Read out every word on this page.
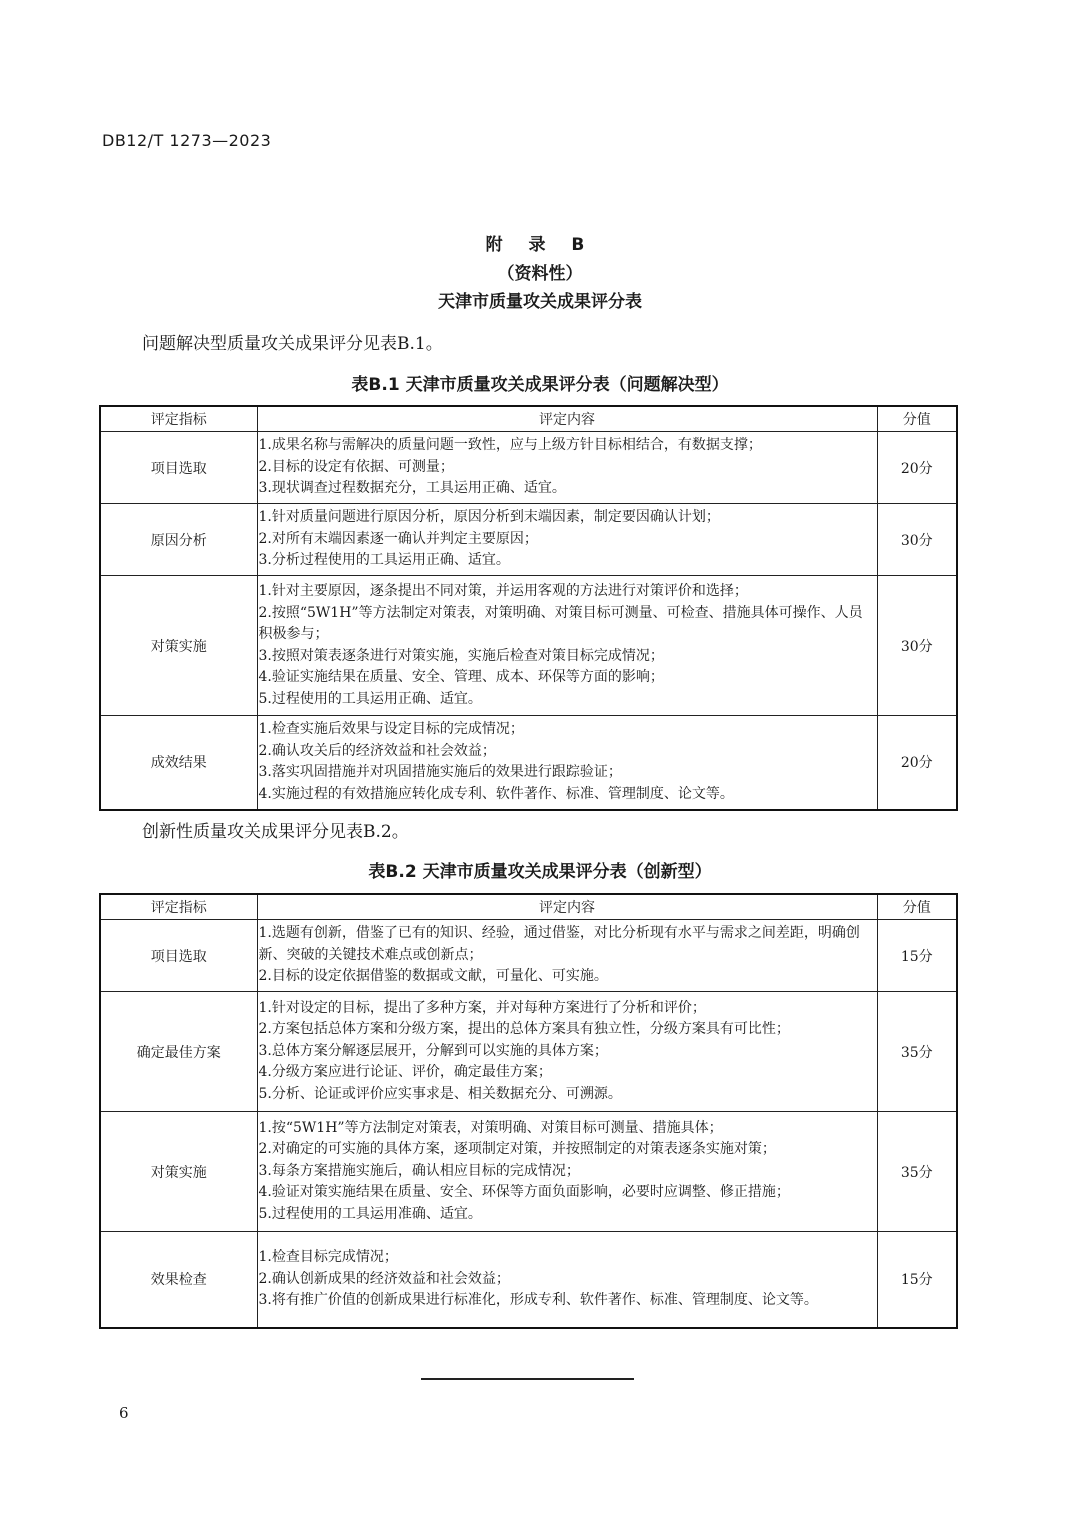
DB12/T 1273—2023
附 录 B
（资料性）
天津市质量攻关成果评分表
问题解决型质量攻关成果评分见表B.1。
表B.1 天津市质量攻关成果评分表（问题解决型）
评定指标	评定内容	分值
项目选取	1.成果名称与需解决的质量问题一致性，应与上级方针目标相结合，有数据支撑；
2.目标的设定有依据、可测量；
3.现状调查过程数据充分，工具运用正确、适宜。	20分
原因分析	1.针对质量问题进行原因分析，原因分析到末端因素，制定要因确认计划；
2.对所有末端因素逐一确认并判定主要原因；
3.分析过程使用的工具运用正确、适宜。	30分
对策实施	1.针对主要原因，逐条提出不同对策，并运用客观的方法进行对策评价和选择；
2.按照“5W1H”等方法制定对策表，对策明确、对策目标可测量、可检查、措施具体可操作、人员积极参与；
3.按照对策表逐条进行对策实施，实施后检查对策目标完成情况；
4.验证实施结果在质量、安全、管理、成本、环保等方面的影响；
5.过程使用的工具运用正确、适宜。	30分
成效结果	1.检查实施后效果与设定目标的完成情况；
2.确认攻关后的经济效益和社会效益；
3.落实巩固措施并对巩固措施实施后的效果进行跟踪验证；
4.实施过程的有效措施应转化成专利、软件著作、标准、管理制度、论文等。	20分
创新性质量攻关成果评分见表B.2。
表B.2 天津市质量攻关成果评分表（创新型）
评定指标	评定内容	分值
项目选取	1.选题有创新，借鉴了已有的知识、经验，通过借鉴，对比分析现有水平与需求之间差距，明确创新、突破的关键技术难点或创新点；
2.目标的设定依据借鉴的数据或文献，可量化、可实施。	15分
确定最佳方案	1.针对设定的目标，提出了多种方案，并对每种方案进行了分析和评价；
2.方案包括总体方案和分级方案，提出的总体方案具有独立性，分级方案具有可比性；
3.总体方案分解逐层展开，分解到可以实施的具体方案；
4.分级方案应进行论证、评价，确定最佳方案；
5.分析、论证或评价应实事求是、相关数据充分、可溯源。	35分
对策实施	1.按“5W1H”等方法制定对策表，对策明确、对策目标可测量、措施具体；
2.对确定的可实施的具体方案，逐项制定对策，并按照制定的对策表逐条实施对策；
3.每条方案措施实施后，确认相应目标的完成情况；
4.验证对策实施结果在质量、安全、环保等方面负面影响，必要时应调整、修正措施；
5.过程使用的工具运用准确、适宜。	35分
效果检查	1.检查目标完成情况；
2.确认创新成果的经济效益和社会效益；
3.将有推广价值的创新成果进行标准化，形成专利、软件著作、标准、管理制度、论文等。	15分
6
